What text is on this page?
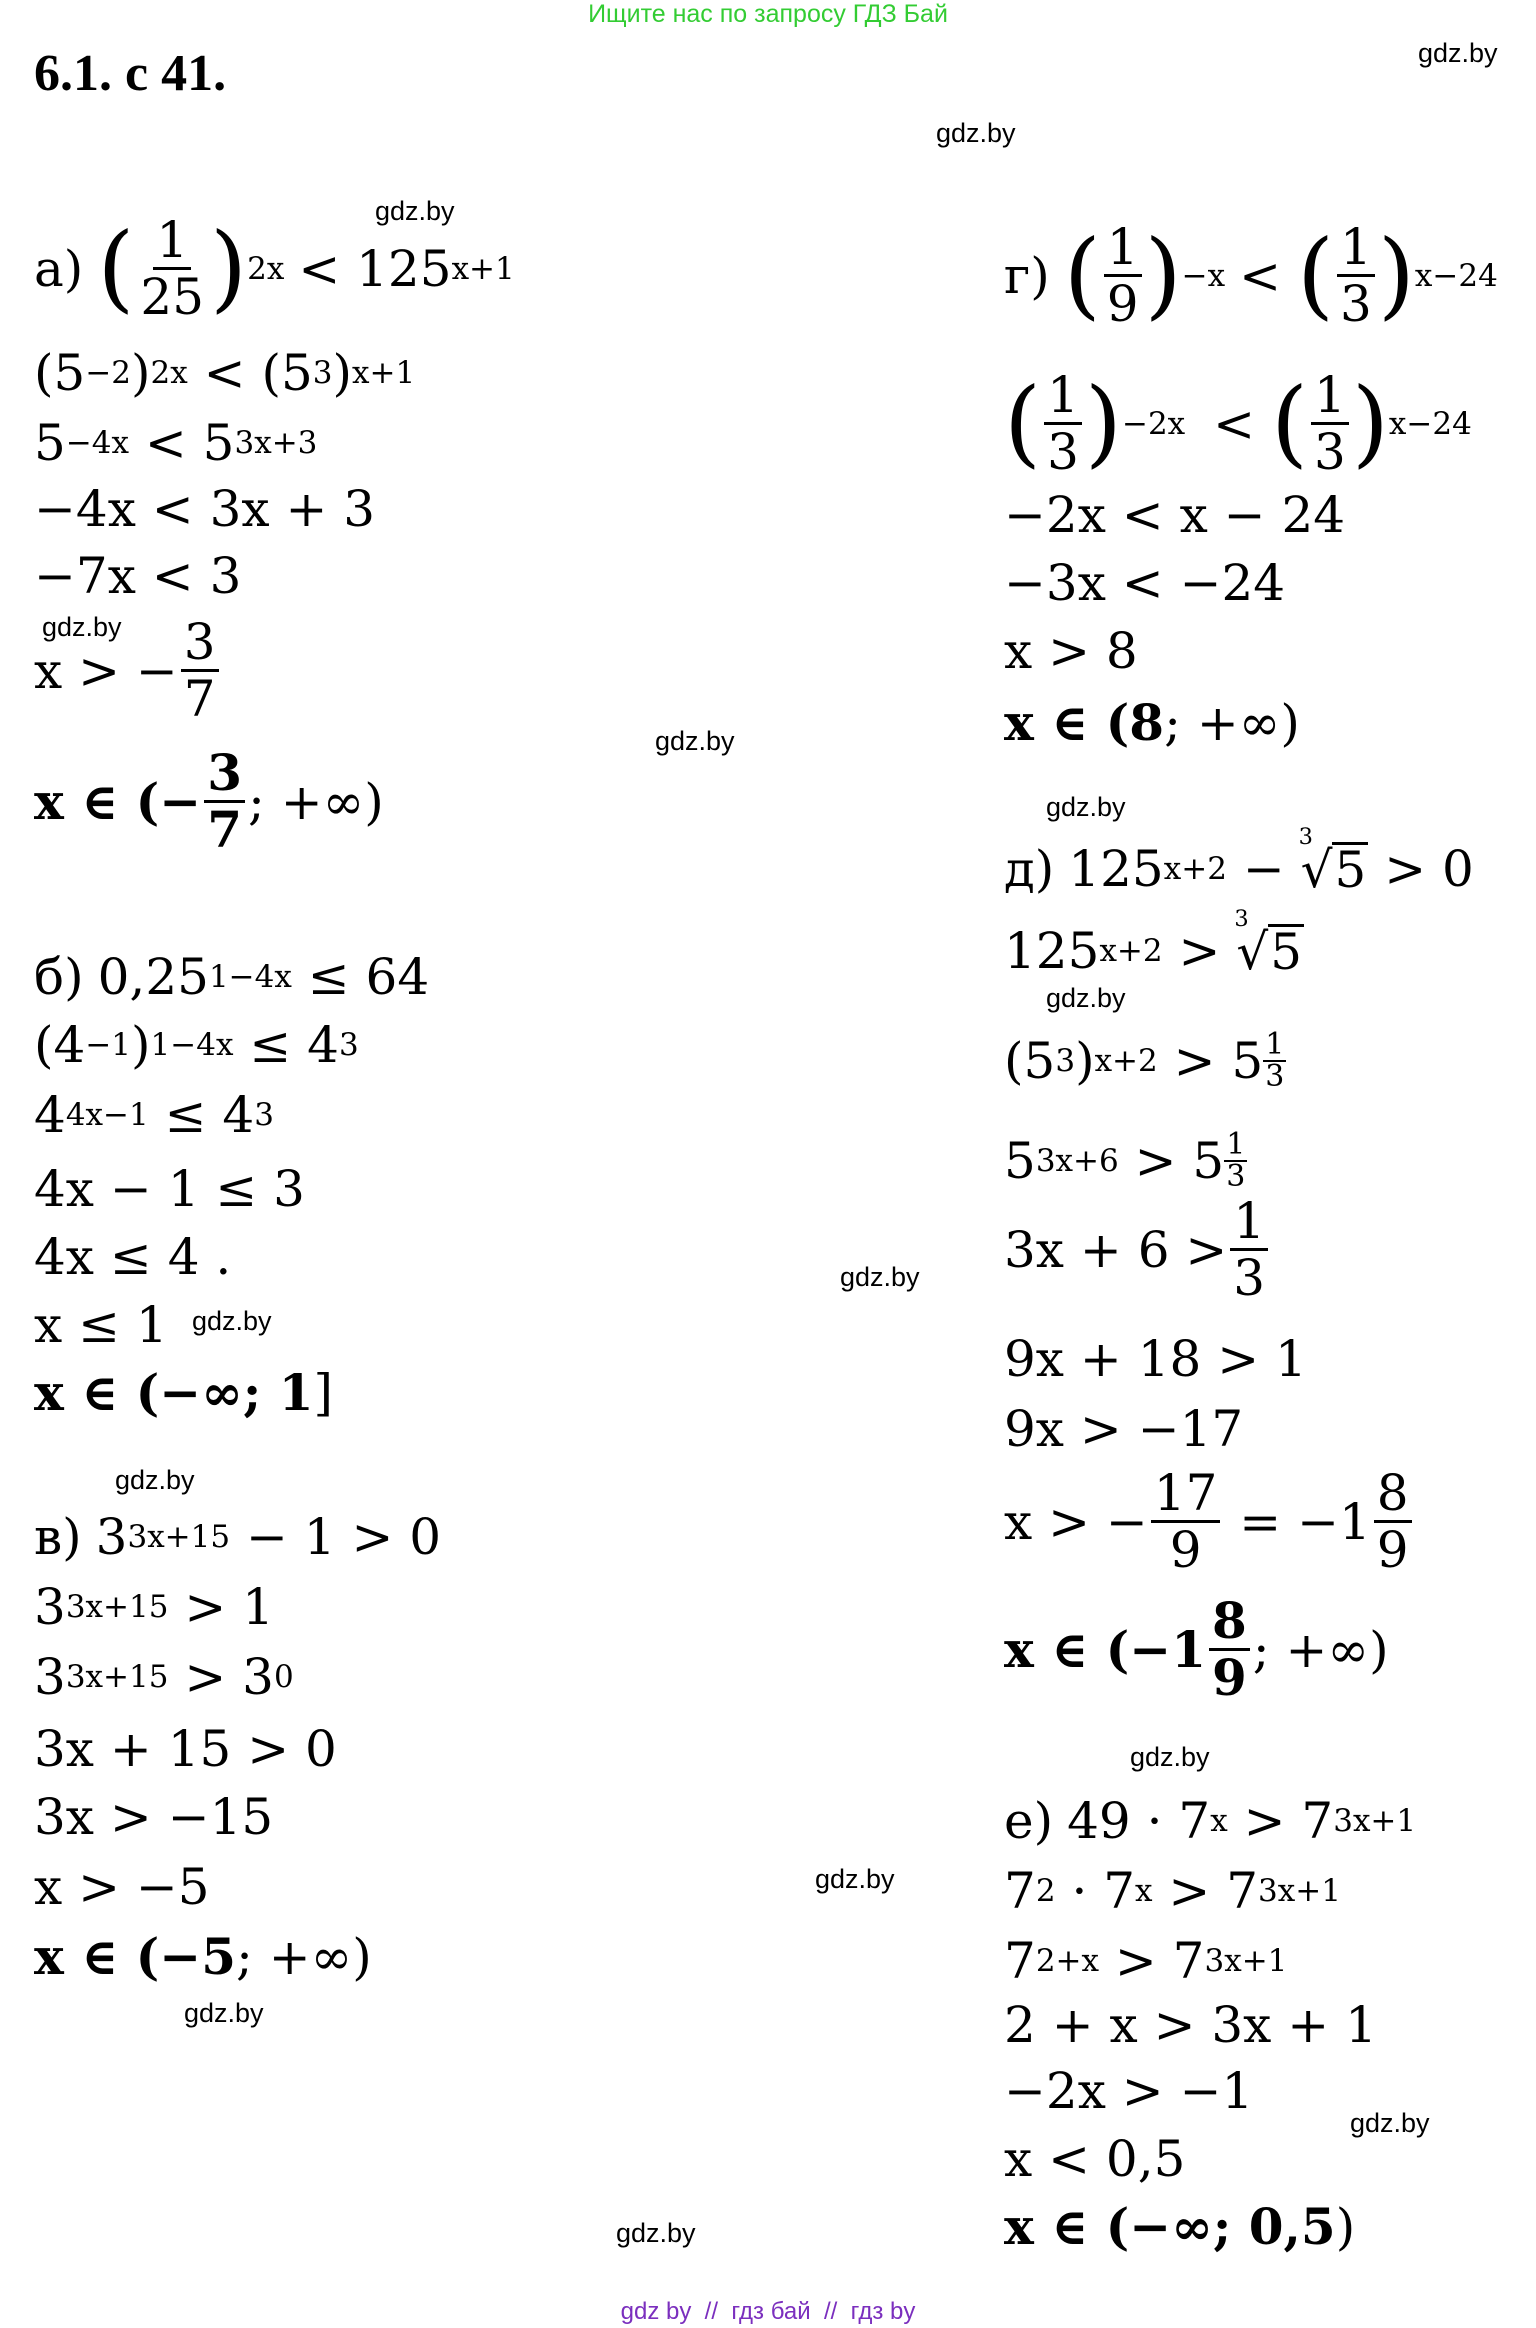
Ищите нас по запросу ГДЗ Бай
6.1. с 41.	gdz.by
gdz.by
gdz.by
gdz.by
gdz.by
gdz.by
gdz.by
gdz.by
gdz.by
gdz.by
gdz.by
gdz.by
gdz.by
gdz.by
gdz.by
а) ( $\frac{1}{25}$ ) 2x < 125 x+1
(5 −2 ) 2x < (5 3 ) x+1
5 −4x < 5 3x+3
−4x < 3x + 3
−7x < 3
x > − $\frac{3}{7}$
x ∈ (− $\frac{3}{7}$ ; +∞)
б) 0,25 1−4x ≤ 64
(4 −1 ) 1−4x ≤ 4 3
4 4x−1 ≤ 4 3
4x − 1 ≤ 3
4x ≤ 4 .
x ≤ 1
x ∈ (−∞; 1 ]
в) 3 3x+15 − 1 > 0
3 3x+15 > 1
3 3x+15 > 3 0
3x + 15 > 0
3x > −15
x > −5
x ∈ (− 5 ; +∞)
г) ( $\frac{1}{9}$ ) −x < ( $\frac{1}{3}$ ) x−24
( $\frac{1}{3}$ ) −2x < ( $\frac{1}{3}$ ) x−24
−2x < x − 24
−3x < −24
x > 8
x ∈ ( 8 ; +∞)
д) 125 x+2 −
3
√5 > 0
125 x+2 >
3
√5
(5 3 ) $x+2 > 5 \frac{1}{3}$
5 $3x+6 > 5 \frac{1}{3}$
$3x + 6 > \frac{1}{3}$
9x + 18 > 1
9x > −17
x > − $\frac{17}{9} = -1 \frac{8}{9}$
x ∈ ($-1 \frac{8}{9}$ ; +∞)
е) 49 · 7 x > 7 3x+1
7 2 · 7 x > 7 3x+1
7 2+x > 7 3x+1
2 + x > 3x + 1
−2x > −1
x < 0,5
x ∈ (−∞; 0,5 )
gdz by  //  гдз бай  //  гдз by
